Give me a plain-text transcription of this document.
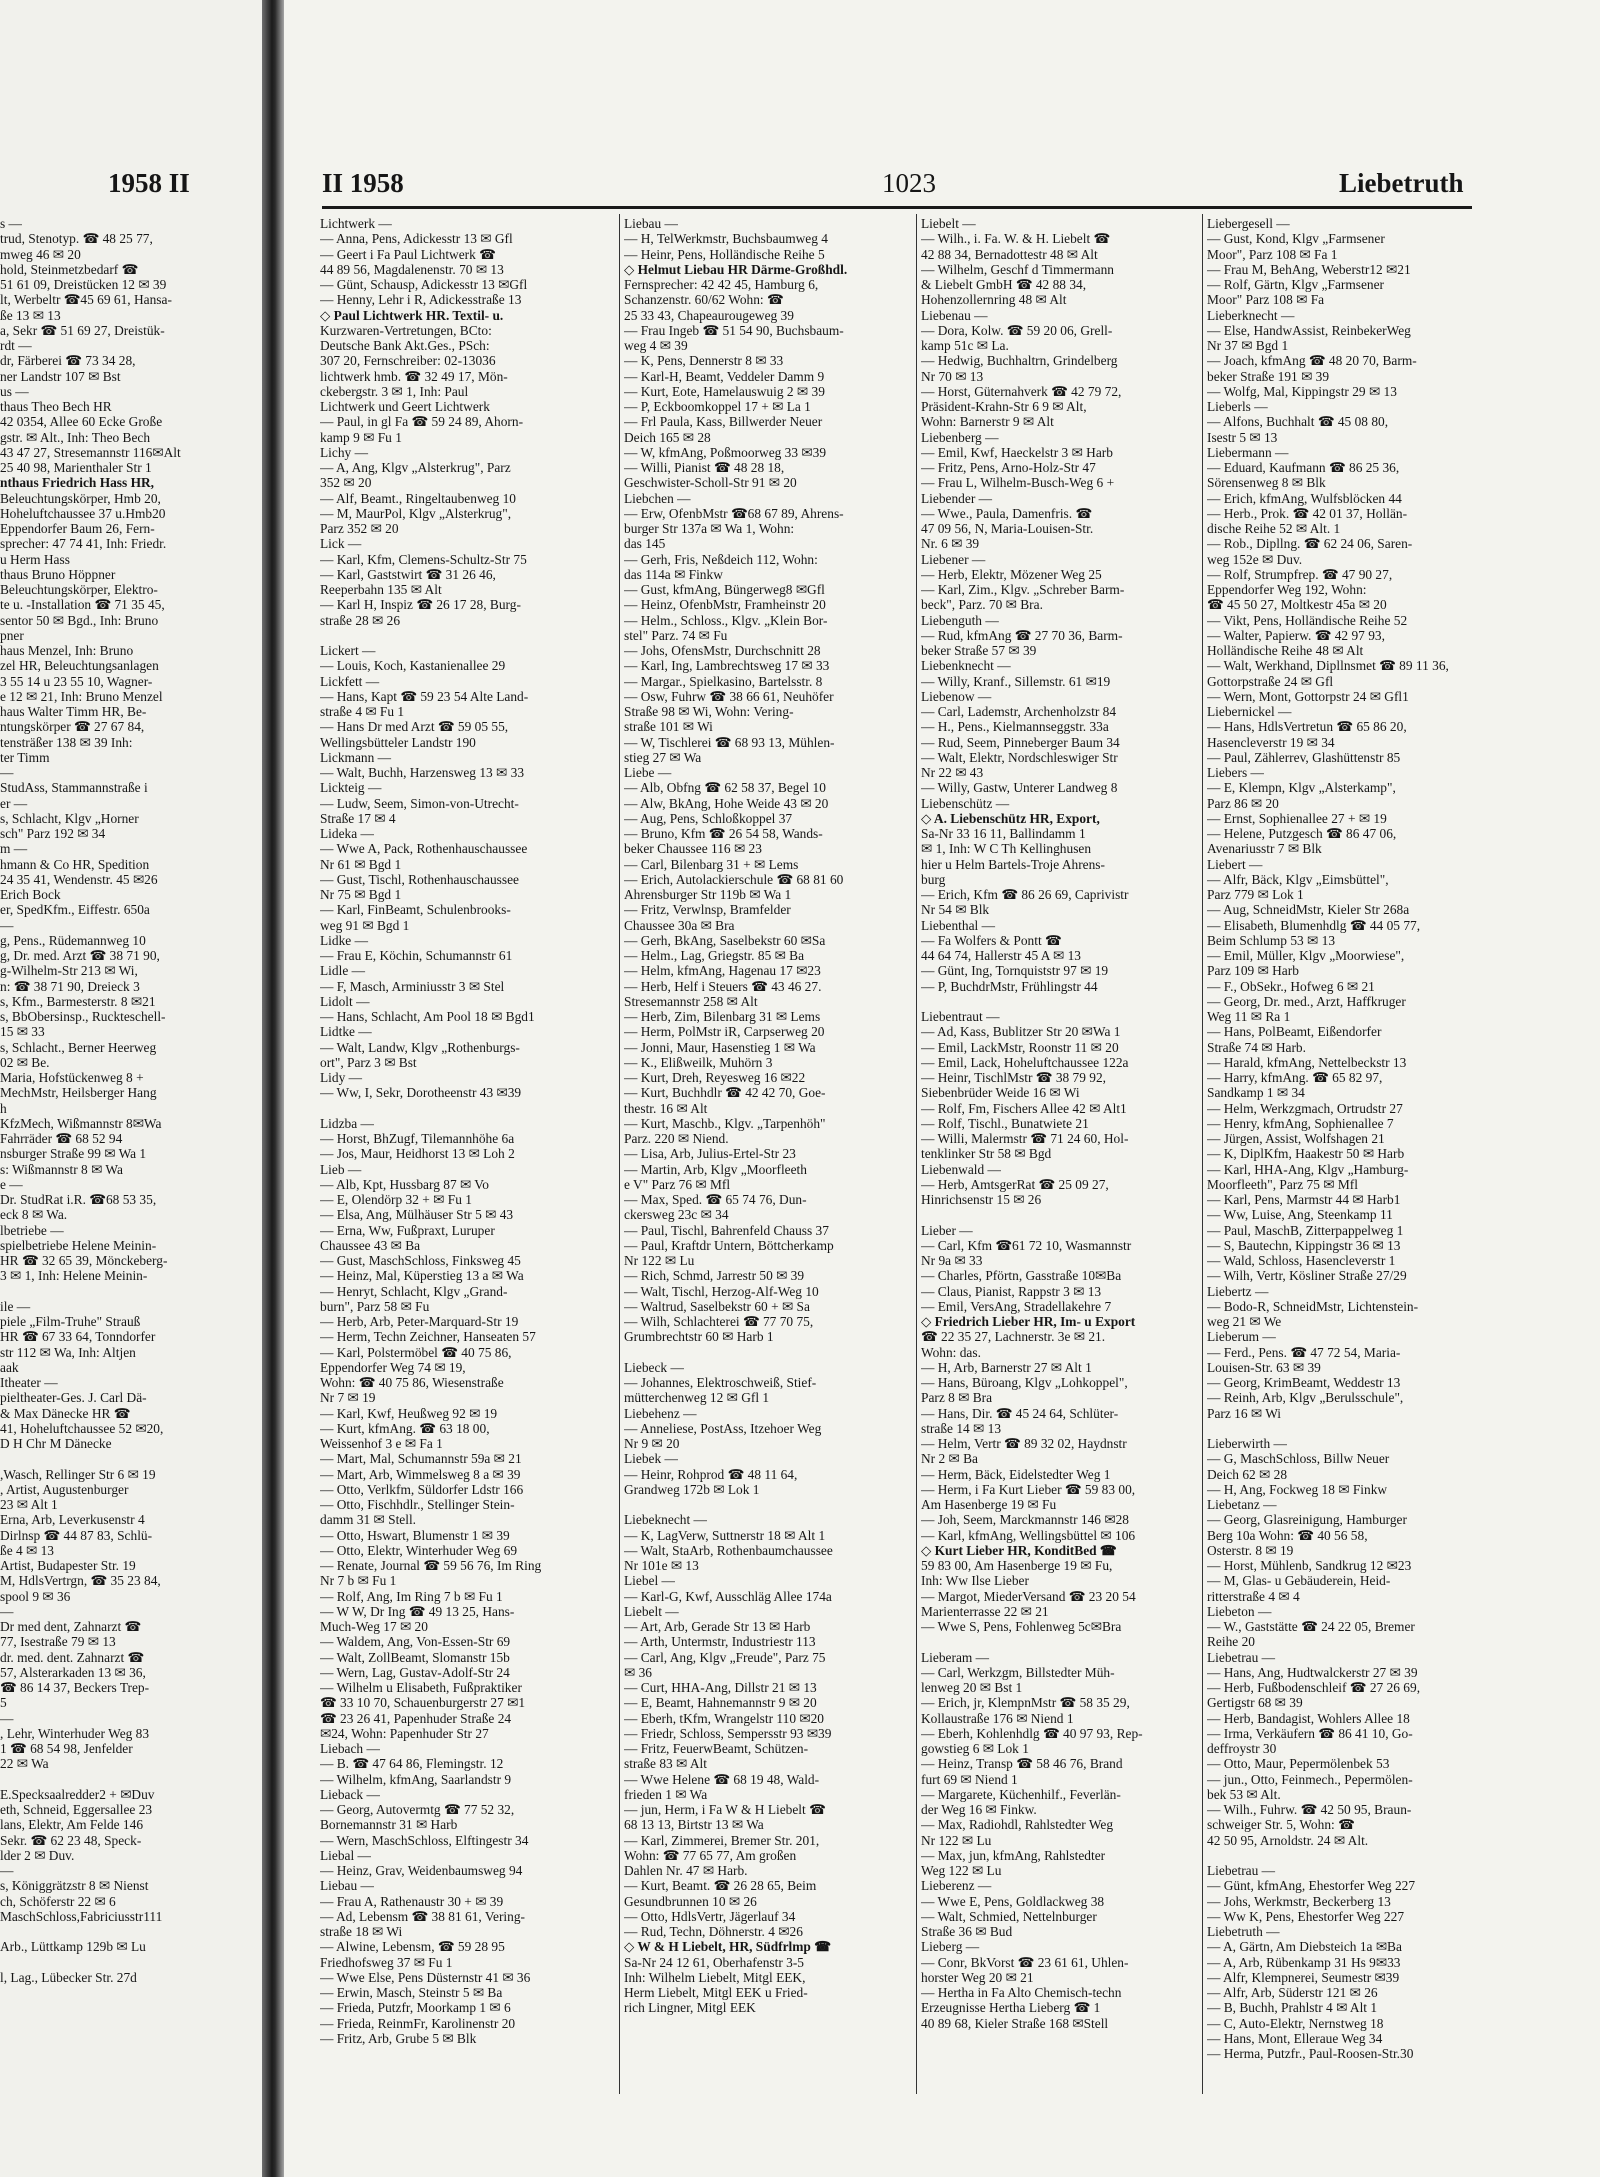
1958 II
s —
trud, Stenotyp. ☎ 48 25 77,
mweg 46 ✉ 20
hold, Steinmetzbedarf ☎
51 61 09, Dreistücken 12 ✉ 39
lt, Werbeltr ☎45 69 61, Hansa-
ße 13 ✉ 13
a, Sekr ☎ 51 69 27, Dreistük-
rdt —
dr, Färberei ☎ 73 34 28,
ner Landstr 107 ✉ Bst
us —
thaus Theo Bech HR
42 0354, Allee 60 Ecke Große
gstr. ✉ Alt., Inh: Theo Bech
43 47 27, Stresemannstr 116✉Alt
25 40 98, Marienthaler Str 1
nthaus Friedrich Hass HR,
Beleuchtungskörper, Hmb 20,
Hoheluftchaussee 37 u.Hmb20
Eppendorfer Baum 26, Fern-
sprecher: 47 74 41, Inh: Friedr.
u Herm Hass
thaus Bruno Höppner
Beleuchtungskörper, Elektro-
te u. -Installation ☎ 71 35 45,
sentor 50 ✉ Bgd., Inh: Bruno
pner
haus Menzel, Inh: Bruno
zel HR, Beleuchtungsanlagen
3 55 14 u 23 55 10, Wagner-
e 12 ✉ 21, Inh: Bruno Menzel
haus Walter Timm HR, Be-
ntungskörper ☎ 27 67 84,
tensträßer 138 ✉ 39 Inh:
ter Timm
—
StudAss, Stammannstraße i
er —
s, Schlacht, Klgv „Horner
sch" Parz 192 ✉ 34
m —
hmann & Co HR, Spedition
24 35 41, Wendenstr. 45 ✉26
Erich Bock
er, SpedKfm., Eiffestr. 650a
—
g, Pens., Rüdemannweg 10
g, Dr. med. Arzt ☎ 38 71 90,
g-Wilhelm-Str 213 ✉ Wi,
n: ☎ 38 71 90, Dreieck 3
s, Kfm., Barmesterstr. 8 ✉21
s, BbObersinsp., Ruckteschell-
15 ✉ 33
s, Schlacht., Berner Heerweg
02 ✉ Be.
Maria, Hofstückenweg 8 +
MechMstr, Heilsberger Hang
h
KfzMech, Wißmannstr 8✉Wa
Fahrräder ☎ 68 52 94
nsburger Straße 99 ✉ Wa 1
s: Wißmannstr 8 ✉ Wa
e —
Dr. StudRat i.R. ☎68 53 35,
eck 8 ✉ Wa.
lbetriebe —
spielbetriebe Helene Meinin-
HR ☎ 32 65 39, Mönckeberg-
3 ✉ 1, Inh: Helene Meinin-

ile —
piele „Film-Truhe" Strauß
HR ☎ 67 33 64, Tonndorfer
str 112 ✉ Wa, Inh: Altjen
aak
Itheater —
pieltheater-Ges. J. Carl Dä-
& Max Dänecke HR ☎
41, Hoheluftchaussee 52 ✉20,
D H Chr M Dänecke

,Wasch, Rellinger Str 6 ✉ 19
, Artist, Augustenburger
23 ✉ Alt 1
Erna, Arb, Leverkusenstr 4
Dirlnsp ☎ 44 87 83, Schlü-
ße 4 ✉ 13
Artist, Budapester Str. 19
M, HdlsVertrgn, ☎ 35 23 84,
spool 9 ✉ 36
—
Dr med dent, Zahnarzt ☎
77, Isestraße 79 ✉ 13
dr. med. dent. Zahnarzt ☎
57, Alsterarkaden 13 ✉ 36,
☎ 86 14 37, Beckers Trep-
5
—
, Lehr, Winterhuder Weg 83
1 ☎ 68 54 98, Jenfelder
22 ✉ Wa

E.Specksaalredder2 + ✉Duv
eth, Schneid, Eggersallee 23
lans, Elektr, Am Felde 146
Sekr. ☎ 62 23 48, Speck-
lder 2 ✉ Duv.
—
s, Königgrätzstr 8 ✉ Nienst
ch, Schöferstr 22 ✉ 6
MaschSchloss,Fabriciusstr111

Arb., Lüttkamp 129b ✉ Lu

l, Lag., Lübecker Str. 27d
II 1958	1023	Liebetruth
Lichtwerk —
— Anna, Pens, Adickesstr 13 ✉ Gfl
— Geert i Fa Paul Lichtwerk ☎
44 89 56, Magdalenenstr. 70 ✉ 13
— Günt, Schausp, Adickesstr 13 ✉Gfl
— Henny, Lehr i R, Adickesstraße 13
◇ Paul Lichtwerk HR. Textil- u.
Kurzwaren-Vertretungen, BCto:
Deutsche Bank Akt.Ges., PSch:
307 20, Fernschreiber: 02-13036
lichtwerk hmb. ☎ 32 49 17, Mön-
ckebergstr. 3 ✉ 1, Inh: Paul
Lichtwerk und Geert Lichtwerk
— Paul, in gl Fa ☎ 59 24 89, Ahorn-
kamp 9 ✉ Fu 1
Lichy —
— A, Ang, Klgv „Alsterkrug", Parz
352 ✉ 20
— Alf, Beamt., Ringeltaubenweg 10
— M, MaurPol, Klgv „Alsterkrug",
Parz 352 ✉ 20
Lick —
— Karl, Kfm, Clemens-Schultz-Str 75
— Karl, Gaststwirt ☎ 31 26 46,
Reeperbahn 135 ✉ Alt
— Karl H, Inspiz ☎ 26 17 28, Burg-
straße 28 ✉ 26

Lickert —
— Louis, Koch, Kastanienallee 29
Lickfett —
— Hans, Kapt ☎ 59 23 54 Alte Land-
straße 4 ✉ Fu 1
— Hans Dr med Arzt ☎ 59 05 55,
Wellingsbütteler Landstr 190
Lickmann —
— Walt, Buchh, Harzensweg 13 ✉ 33
Lickteig —
— Ludw, Seem, Simon-von-Utrecht-
Straße 17 ✉ 4
Lideka —
— Wwe A, Pack, Rothenhauschaussee
Nr 61 ✉ Bgd 1
— Gust, Tischl, Rothenhauschaussee
Nr 75 ✉ Bgd 1
— Karl, FinBeamt, Schulenbrooks-
weg 91 ✉ Bgd 1
Lidke —
— Frau E, Köchin, Schumannstr 61
Lidle —
— F, Masch, Arminiusstr 3 ✉ Stel
Lidolt —
— Hans, Schlacht, Am Pool 18 ✉ Bgd1
Lidtke —
— Walt, Landw, Klgv „Rothenburgs-
ort", Parz 3 ✉ Bst
Lidy —
— Ww, I, Sekr, Dorotheenstr 43 ✉39

Lidzba —
— Horst, BhZugf, Tilemannhöhe 6a
— Jos, Maur, Heidhorst 13 ✉ Loh 2
Lieb —
— Alb, Kpt, Hussbarg 87 ✉ Vo
— E, Olendörp 32 + ✉ Fu 1
— Elsa, Ang, Mülhäuser Str 5 ✉ 43
— Erna, Ww, Fußpraxt, Luruper
Chaussee 43 ✉ Ba
— Gust, MaschSchloss, Finksweg 45
— Heinz, Mal, Küperstieg 13 a ✉ Wa
— Henryt, Schlacht, Klgv „Grand-
burn", Parz 58 ✉ Fu
— Herb, Arb, Peter-Marquard-Str 19
— Herm, Techn Zeichner, Hanseaten 57
— Karl, Polstermöbel ☎ 40 75 86,
Eppendorfer Weg 74 ✉ 19,
Wohn: ☎ 40 75 86, Wiesenstraße
Nr 7 ✉ 19
— Karl, Kwf, Heußweg 92 ✉ 19
— Kurt, kfmAng. ☎ 63 18 00,
Weissenhof 3 e ✉ Fa 1
— Mart, Mal, Schumannstr 59a ✉ 21
— Mart, Arb, Wimmelsweg 8 a ✉ 39
— Otto, Verlkfm, Süldorfer Ldstr 166
— Otto, Fischhdlr., Stellinger Stein-
damm 31 ✉ Stell.
— Otto, Hswart, Blumenstr 1 ✉ 39
— Otto, Elektr, Winterhuder Weg 69
— Renate, Journal ☎ 59 56 76, Im Ring
Nr 7 b ✉ Fu 1
— Rolf, Ang, Im Ring 7 b ✉ Fu 1
— W W, Dr Ing ☎ 49 13 25, Hans-
Much-Weg 17 ✉ 20
— Waldem, Ang, Von-Essen-Str 69
— Walt, ZollBeamt, Slomanstr 15b
— Wern, Lag, Gustav-Adolf-Str 24
— Wilhelm u Elisabeth, Fußpraktiker
☎ 33 10 70, Schauenburgerstr 27 ✉1
☎ 23 26 41, Papenhuder Straße 24
✉24, Wohn: Papenhuder Str 27
Liebach —
— B. ☎ 47 64 86, Flemingstr. 12
— Wilhelm, kfmAng, Saarlandstr 9
Lieback —
— Georg, Autovermtg ☎ 77 52 32,
Bornemannstr 31 ✉ Harb
— Wern, MaschSchloss, Elftingestr 34
Liebal —
— Heinz, Grav, Weidenbaumsweg 94
Liebau —
— Frau A, Rathenaustr 30 + ✉ 39
— Ad, Lebensm ☎ 38 81 61, Vering-
straße 18 ✉ Wi
— Alwine, Lebensm, ☎ 59 28 95
Friedhofsweg 37 ✉ Fu 1
— Wwe Else, Pens Düsternstr 41 ✉ 36
— Erwin, Masch, Steinstr 5 ✉ Ba
— Frieda, Putzfr, Moorkamp 1 ✉ 6
— Frieda, ReinmFr, Karolinenstr 20
— Fritz, Arb, Grube 5 ✉ Blk
Liebau —
— H, TelWerkmstr, Buchsbaumweg 4
— Heinr, Pens, Holländische Reihe 5
◇ Helmut Liebau HR Därme-Großhdl.
Fernsprecher: 42 42 45, Hamburg 6,
Schanzenstr. 60/62 Wohn: ☎
25 33 43, Chapeaurougeweg 39
— Frau Ingeb ☎ 51 54 90, Buchsbaum-
weg 4 ✉ 39
— K, Pens, Dennerstr 8 ✉ 33
— Karl-H, Beamt, Veddeler Damm 9
— Kurt, Eote, Hamelauswuig 2 ✉ 39
— P, Eckboomkoppel 17 + ✉ La 1
— Frl Paula, Kass, Billwerder Neuer
Deich 165 ✉ 28
— W, kfmAng, Poßmoorweg 33 ✉39
— Willi, Pianist ☎ 48 28 18,
Geschwister-Scholl-Str 91 ✉ 20
Liebchen —
— Erw, OfenbMstr ☎68 67 89, Ahrens-
burger Str 137a ✉ Wa 1, Wohn:
das 145
— Gerh, Fris, Neßdeich 112, Wohn:
das 114a ✉ Finkw
— Gust, kfmAng, Büngerweg8 ✉Gfl
— Heinz, OfenbMstr, Framheinstr 20
— Helm., Schloss., Klgv. „Klein Bor-
stel" Parz. 74 ✉ Fu
— Johs, OfensMstr, Durchschnitt 28
— Karl, Ing, Lambrechtsweg 17 ✉ 33
— Margar., Spielkasino, Bartelsstr. 8
— Osw, Fuhrw ☎ 38 66 61, Neuhöfer
Straße 98 ✉ Wi, Wohn: Vering-
straße 101 ✉ Wi
— W, Tischlerei ☎ 68 93 13, Mühlen-
stieg 27 ✉ Wa
Liebe —
— Alb, Obfng ☎ 62 58 37, Begel 10
— Alw, BkAng, Hohe Weide 43 ✉ 20
— Aug, Pens, Schloßkoppel 37
— Bruno, Kfm ☎ 26 54 58, Wands-
beker Chaussee 116 ✉ 23
— Carl, Bilenbarg 31 + ✉ Lems
— Erich, Autolackierschule ☎ 68 81 60
Ahrensburger Str 119b ✉ Wa 1
— Fritz, Verwlnsp, Bramfelder
Chaussee 30a ✉ Bra
— Gerh, BkAng, Saselbekstr 60 ✉Sa
— Helm., Lag, Griegstr. 85 ✉ Ba
— Helm, kfmAng, Hagenau 17 ✉23
— Herb, Helf i Steuers ☎ 43 46 27.
Stresemannstr 258 ✉ Alt
— Herb, Zim, Bilenbarg 31 ✉ Lems
— Herm, PolMstr iR, Carpserweg 20
— Jonni, Maur, Hasenstieg 1 ✉ Wa
— K., Elißweilk, Muhörn 3
— Kurt, Dreh, Reyesweg 16 ✉22
— Kurt, Buchhdlr ☎ 42 42 70, Goe-
thestr. 16 ✉ Alt
— Kurt, Maschb., Klgv. „Tarpenhöh"
Parz. 220 ✉ Niend.
— Lisa, Arb, Julius-Ertel-Str 23
— Martin, Arb, Klgv „Moorfleeth
e V" Parz 76 ✉ Mfl
— Max, Sped. ☎ 65 74 76, Dun-
ckersweg 23c ✉ 34
— Paul, Tischl, Bahrenfeld Chauss 37
— Paul, Kraftdr Untern, Böttcherkamp
Nr 122 ✉ Lu
— Rich, Schmd, Jarrestr 50 ✉ 39
— Walt, Tischl, Herzog-Alf-Weg 10
— Waltrud, Saselbekstr 60 + ✉ Sa
— Wilh, Schlachterei ☎ 77 70 75,
Grumbrechtstr 60 ✉ Harb 1

Liebeck —
— Johannes, Elektroschweiß, Stief-
mütterchenweg 12 ✉ Gfl 1
Liebehenz —
— Anneliese, PostAss, Itzehoer Weg
Nr 9 ✉ 20
Liebek —
— Heinr, Rohprod ☎ 48 11 64,
Grandweg 172b ✉ Lok 1

Liebeknecht —
— K, LagVerw, Suttnerstr 18 ✉ Alt 1
— Walt, StaArb, Rothenbaumchaussee
Nr 101e ✉ 13
Liebel —
— Karl-G, Kwf, Ausschläg Allee 174a
Liebelt —
— Art, Arb, Gerade Str 13 ✉ Harb
— Arth, Untermstr, Industriestr 113
— Carl, Ang, Klgv „Freude", Parz 75
✉ 36
— Curt, HHA-Ang, Dillstr 21 ✉ 13
— E, Beamt, Hahnemannstr 9 ✉ 20
— Eberh, tKfm, Wrangelstr 110 ✉20
— Friedr, Schloss, Sempersstr 93 ✉39
— Fritz, FeuerwBeamt, Schützen-
straße 83 ✉ Alt
— Wwe Helene ☎ 68 19 48, Wald-
frieden 1 ✉ Wa
— jun, Herm, i Fa W & H Liebelt ☎
68 13 13, Birtstr 13 ✉ Wa
— Karl, Zimmerei, Bremer Str. 201,
Wohn: ☎ 77 65 77, Am großen
Dahlen Nr. 47 ✉ Harb.
— Kurt, Beamt. ☎ 26 28 65, Beim
Gesundbrunnen 10 ✉ 26
— Otto, HdlsVertr, Jägerlauf 34
— Rud, Techn, Döhnerstr. 4 ✉26
◇ W & H Liebelt, HR, Südfrlmp ☎
Sa-Nr 24 12 61, Oberhafenstr 3-5
Inh: Wilhelm Liebelt, Mitgl EEK,
Herm Liebelt, Mitgl EEK u Fried-
rich Lingner, Mitgl EEK
Liebelt —
— Wilh., i. Fa. W. & H. Liebelt ☎
42 88 34, Bernadottestr 48 ✉ Alt
— Wilhelm, Geschf d Timmermann
& Liebelt GmbH ☎ 42 88 34,
Hohenzollernring 48 ✉ Alt
Liebenau —
— Dora, Kolw. ☎ 59 20 06, Grell-
kamp 51c ✉ La.
— Hedwig, Buchhaltrn, Grindelberg
Nr 70 ✉ 13
— Horst, Güternahverk ☎ 42 79 72,
Präsident-Krahn-Str 6 9 ✉ Alt,
Wohn: Barnerstr 9 ✉ Alt
Liebenberg —
— Emil, Kwf, Haeckelstr 3 ✉ Harb
— Fritz, Pens, Arno-Holz-Str 47
— Frau L, Wilhelm-Busch-Weg 6 +
Liebender —
— Wwe., Paula, Damenfris. ☎
47 09 56, N, Maria-Louisen-Str.
Nr. 6 ✉ 39
Liebener —
— Herb, Elektr, Mözener Weg 25
— Karl, Zim., Klgv. „Schreber Barm-
beck", Parz. 70 ✉ Bra.
Liebenguth —
— Rud, kfmAng ☎ 27 70 36, Barm-
beker Straße 57 ✉ 39
Liebenknecht —
— Willy, Kranf., Sillemstr. 61 ✉19
Liebenow —
— Carl, Lademstr, Archenholzstr 84
— H., Pens., Kielmannseggstr. 33a
— Rud, Seem, Pinneberger Baum 34
— Walt, Elektr, Nordschleswiger Str
Nr 22 ✉ 43
— Willy, Gastw, Unterer Landweg 8
Liebenschütz —
◇ A. Liebenschütz HR, Export,
Sa-Nr 33 16 11, Ballindamm 1
✉ 1, Inh: W C Th Kellinghusen
hier u Helm Bartels-Troje Ahrens-
burg
— Erich, Kfm ☎ 86 26 69, Caprivistr
Nr 54 ✉ Blk
Liebenthal —
— Fa Wolfers & Pontt ☎
44 64 74, Hallerstr 45 A ✉ 13
— Günt, Ing, Tornquiststr 97 ✉ 19
— P, BuchdrMstr, Frühlingstr 44

Liebentraut —
— Ad, Kass, Bublitzer Str 20 ✉Wa 1
— Emil, LackMstr, Roonstr 11 ✉ 20
— Emil, Lack, Hoheluftchaussee 122a
— Heinr, TischlMstr ☎ 38 79 92,
Siebenbrüder Weide 16 ✉ Wi
— Rolf, Fm, Fischers Allee 42 ✉ Alt1
— Rolf, Tischl., Bunatwiete 21
— Willi, Malermstr ☎ 71 24 60, Hol-
tenklinker Str 58 ✉ Bgd
Liebenwald —
— Herb, AmtsgerRat ☎ 25 09 27,
Hinrichsenstr 15 ✉ 26

Lieber —
— Carl, Kfm ☎61 72 10, Wasmannstr
Nr 9a ✉ 33
— Charles, Pförtn, Gasstraße 10✉Ba
— Claus, Pianist, Rappstr 3 ✉ 13
— Emil, VersAng, Stradellakehre 7
◇ Friedrich Lieber HR, Im- u Export
☎ 22 35 27, Lachnerstr. 3e ✉ 21.
Wohn: das.
— H, Arb, Barnerstr 27 ✉ Alt 1
— Hans, Büroang, Klgv „Lohkoppel",
Parz 8 ✉ Bra
— Hans, Dir. ☎ 45 24 64, Schlüter-
straße 14 ✉ 13
— Helm, Vertr ☎ 89 32 02, Haydnstr
Nr 2 ✉ Ba
— Herm, Bäck, Eidelstedter Weg 1
— Herm, i Fa Kurt Lieber ☎ 59 83 00,
Am Hasenberge 19 ✉ Fu
— Joh, Seem, Marckmannstr 146 ✉28
— Karl, kfmAng, Wellingsbüttel ✉ 106
◇ Kurt Lieber HR, KonditBed ☎
59 83 00, Am Hasenberge 19 ✉ Fu,
Inh: Ww Ilse Lieber
— Margot, MiederVersand ☎ 23 20 54
Marienterrasse 22 ✉ 21
— Wwe S, Pens, Fohlenweg 5c✉Bra

Lieberam —
— Carl, Werkzgm, Billstedter Müh-
lenweg 20 ✉ Bst 1
— Erich, jr, KlempnMstr ☎ 58 35 29,
Kollaustraße 176 ✉ Niend 1
— Eberh, Kohlenhdlg ☎ 40 97 93, Rep-
gowstieg 6 ✉ Lok 1
— Heinz, Transp ☎ 58 46 76, Brand
furt 69 ✉ Niend 1
— Margarete, Küchenhilf., Feverlän-
der Weg 16 ✉ Finkw.
— Max, Radiohdl, Rahlstedter Weg
Nr 122 ✉ Lu
— Max, jun, kfmAng, Rahlstedter
Weg 122 ✉ Lu
Lieberenz —
— Wwe E, Pens, Goldlackweg 38
— Walt, Schmied, Nettelnburger
Straße 36 ✉ Bud
Lieberg —
— Conr, BkVorst ☎ 23 61 61, Uhlen-
horster Weg 20 ✉ 21
— Hertha in Fa Alto Chemisch-techn
Erzeugnisse Hertha Lieberg ☎ 1
40 89 68, Kieler Straße 168 ✉Stell
Liebergesell —
— Gust, Kond, Klgv „Farmsener
Moor", Parz 108 ✉ Fa 1
— Frau M, BehAng, Weberstr12 ✉21
— Rolf, Gärtn, Klgv „Farmsener
Moor" Parz 108 ✉ Fa
Lieberknecht —
— Else, HandwAssist, ReinbekerWeg
Nr 37 ✉ Bgd 1
— Joach, kfmAng ☎ 48 20 70, Barm-
beker Straße 191 ✉ 39
— Wolfg, Mal, Kippingstr 29 ✉ 13
Lieberls —
— Alfons, Buchhalt ☎ 45 08 80,
Isestr 5 ✉ 13
Liebermann —
— Eduard, Kaufmann ☎ 86 25 36,
Sörensenweg 8 ✉ Blk
— Erich, kfmAng, Wulfsblöcken 44
— Herb., Prok. ☎ 42 01 37, Hollän-
dische Reihe 52 ✉ Alt. 1
— Rob., Dipllng. ☎ 62 24 06, Saren-
weg 152e ✉ Duv.
— Rolf, Strumpfrep. ☎ 47 90 27,
Eppendorfer Weg 192, Wohn:
☎ 45 50 27, Moltkestr 45a ✉ 20
— Vikt, Pens, Holländische Reihe 52
— Walter, Papierw. ☎ 42 97 93,
Holländische Reihe 48 ✉ Alt
— Walt, Werkhand, Dipllnsmet ☎ 89 11 36,
Gottorpstraße 24 ✉ Gfl
— Wern, Mont, Gottorpstr 24 ✉ Gfl1
Liebernickel —
— Hans, HdlsVertretun ☎ 65 86 20,
Hasencleverstr 19 ✉ 34
— Paul, Zählerrev, Glashüttenstr 85
Liebers —
— E, Klempn, Klgv „Alsterkamp",
Parz 86 ✉ 20
— Ernst, Sophienallee 27 + ✉ 19
— Helene, Putzgesch ☎ 86 47 06,
Avenariusstr 7 ✉ Blk
Liebert —
— Alfr, Bäck, Klgv „Eimsbüttel",
Parz 779 ✉ Lok 1
— Aug, SchneidMstr, Kieler Str 268a
— Elisabeth, Blumenhdlg ☎ 44 05 77,
Beim Schlump 53 ✉ 13
— Emil, Müller, Klgv „Moorwiese",
Parz 109 ✉ Harb
— F., ObSekr., Hofweg 6 ✉ 21
— Georg, Dr. med., Arzt, Haffkruger
Weg 11 ✉ Ra 1
— Hans, PolBeamt, Eißendorfer
Straße 74 ✉ Harb.
— Harald, kfmAng, Nettelbeckstr 13
— Harry, kfmAng. ☎ 65 82 97,
Sandkamp 1 ✉ 34
— Helm, Werkzgmach, Ortrudstr 27
— Henry, kfmAng, Sophienallee 7
— Jürgen, Assist, Wolfshagen 21
— K, DiplKfm, Haakestr 50 ✉ Harb
— Karl, HHA-Ang, Klgv „Hamburg-
Moorfleeth", Parz 75 ✉ Mfl
— Karl, Pens, Marmstr 44 ✉ Harb1
— Ww, Luise, Ang, Steenkamp 11
— Paul, MaschB, Zitterpappelweg 1
— S, Bautechn, Kippingstr 36 ✉ 13
— Wald, Schloss, Hasencleverstr 1
— Wilh, Vertr, Kösliner Straße 27/29
Liebertz —
— Bodo-R, SchneidMstr, Lichtenstein-
weg 21 ✉ We
Lieberum —
— Ferd., Pens. ☎ 47 72 54, Maria-
Louisen-Str. 63 ✉ 39
— Georg, KrimBeamt, Weddestr 13
— Reinh, Arb, Klgv „Berulsschule",
Parz 16 ✉ Wi

Lieberwirth —
— G, MaschSchloss, Billw Neuer
Deich 62 ✉ 28
— H, Ang, Fockweg 18 ✉ Finkw
Liebetanz —
— Georg, Glasreinigung, Hamburger
Berg 10a Wohn: ☎ 40 56 58,
Osterstr. 8 ✉ 19
— Horst, Mühlenb, Sandkrug 12 ✉23
— M, Glas- u Gebäuderein, Heid-
ritterstraße 4 ✉ 4
Liebeton —
— W., Gaststätte ☎ 24 22 05, Bremer
Reihe 20
Liebetrau —
— Hans, Ang, Hudtwalckerstr 27 ✉ 39
— Herb, Fußbodenschleif ☎ 27 26 69,
Gertigstr 68 ✉ 39
— Herb, Bandagist, Wohlers Allee 18
— Irma, Verkäufern ☎ 86 41 10, Go-
deffroystr 30
— Otto, Maur, Pepermölenbek 53
— jun., Otto, Feinmech., Pepermölen-
bek 53 ✉ Alt.
— Wilh., Fuhrw. ☎ 42 50 95, Braun-
schweiger Str. 5, Wohn: ☎
42 50 95, Arnoldstr. 24 ✉ Alt.

Liebetrau —
— Günt, kfmAng, Ehestorfer Weg 227
— Johs, Werkmstr, Beckerberg 13
— Ww K, Pens, Ehestorfer Weg 227
Liebetruth —
— A, Gärtn, Am Diebsteich 1a ✉Ba
— A, Arb, Rübenkamp 31 Hs 9✉33
— Alfr, Klempnerei, Seumestr ✉39
— Alfr, Arb, Süderstr 121 ✉ 26
— B, Buchh, Prahlstr 4 ✉ Alt 1
— C, Auto-Elektr, Nernstweg 18
— Hans, Mont, Elleraue Weg 34
— Herma, Putzfr., Paul-Roosen-Str.30
